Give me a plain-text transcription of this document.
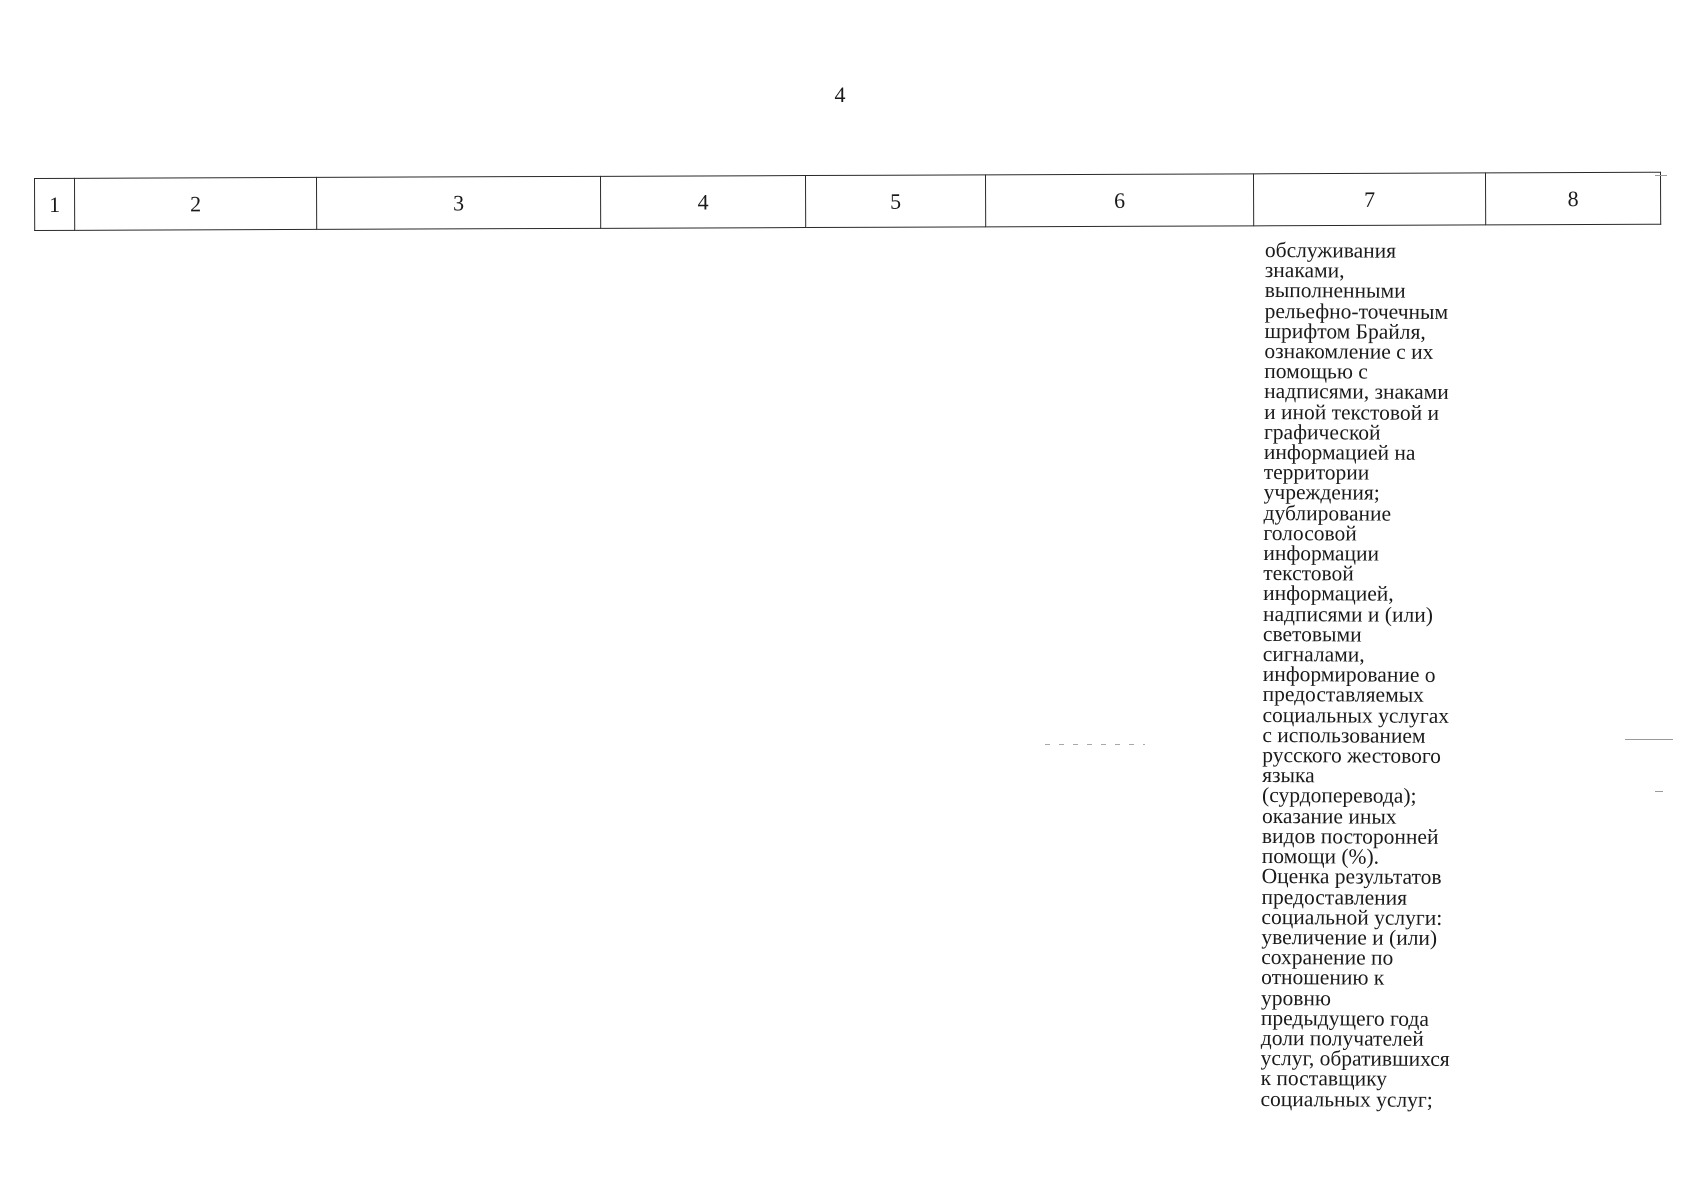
4
1	2	3	4	5	6	7	8
обслуживания
знаками,
выполненными
рельефно-точечным
шрифтом Брайля,
ознакомление с их
помощью с
надписями, знаками
и иной текстовой и
графической
информацией на
территории
учреждения;
дублирование
голосовой
информации
текстовой
информацией,
надписями и (или)
световыми
сигналами,
информирование о
предоставляемых
социальных услугах
с использованием
русского жестового
языка
(сурдоперевода);
оказание иных
видов посторонней
помощи (%).
Оценка результатов
предоставления
социальной услуги:
увеличение и (или)
сохранение по
отношению к
уровню
предыдущего года
доли получателей
услуг, обратившихся
к поставщику
социальных услуг;
